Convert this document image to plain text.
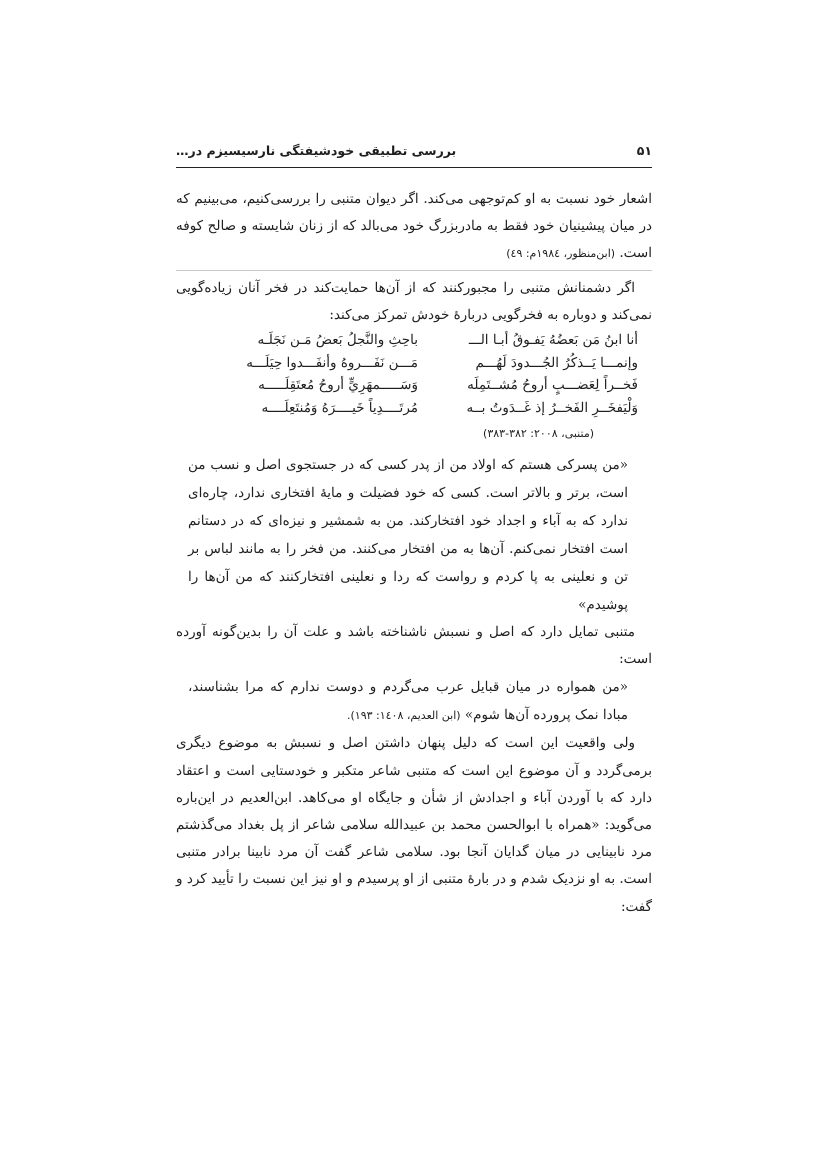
۵۱
بررسی تطبیقی خودشیفتگی نارسیسیزم در…

اشعار خود نسبت به او کم‌توجهی می‌کند. اگر دیوان متنبی را بررسی‌کنیم، می‌بینیم که در میان پیشینیان خود فقط به مادربزرگ خود می‌بالد که از زنان شایسته و صالح کوفه است. (ابن‌منظور، ۱۹۸٤م: ٤٩)

اگر دشمنانش متنبی را مجبورکنند که از آن‌ها حمایت‌کند در فخر آنان زیاده‌گویی نمی‌کند و دوباره به فخرگویی دربارۀ خودش تمرکز می‌کند:

أنا ابنُ مَن بَعضُهُ يَفـوقُ أبـا الـــ
باحِثِ والنَّجلُ بَعضُ مَـن نَجَلَـه
وإنمـــا يَــذكُرُ الجُـــدودَ لَهُـــم
مَـــن نَفَـــروهُ وأنفَـــدوا حِيَلَـــه
فَخــراً لِعَضـــبٍ أروحُ مُشــتَمِلَه
وَسَـــــمهَرِيٍّ أروحُ مُعتَقِلَـــــه
وَلْيَفخَــرِ الفَخــرُ إذ غَــدَوتُ بــه
مُرتَــــدِياً خَيــــرَهُ وَمُنتَعِلَــــه
(متنبی، ۲۰۰۸: ۳۸۲-۳۸۳)

«من پسرکی هستم که اولاد من از پدر کسی که در جستجوی اصل و نسب من است، برتر و بالاتر است. کسی که خود فضیلت و مایۀ افتخاری ندارد، چاره‌ای ندارد که به آباء و اجداد خود افتخارکند. من به شمشیر و نیزه‌ای که در دستانم است افتخار نمی‌کنم. آن‌ها به من افتخار می‌کنند. من فخر را به مانند لباس بر تن و نعلینی به پا کردم و رواست که ردا و نعلینی افتخارکنند که من آن‌ها را پوشیدم»

متنبی تمایل دارد که اصل و نسبش ناشناخته باشد و علت آن را بدین‌گونه آورده است:

«من همواره در میان قبایل عرب می‌گردم و دوست ندارم که مرا بشناسند، مبادا نمک پرورده آن‌ها شوم» (ابن العدیم، ۱٤۰۸: ۱۹۳).

ولی واقعیت این است که دلیل پنهان داشتن اصل و نسبش به موضوع دیگری برمی‌گردد و آن موضوع این است که متنبی شاعر متکبر و خودستایی است و اعتقاد دارد که با آوردن آباء و اجدادش از شأن و جایگاه او می‌کاهد. ابن‌العدیم در این‌باره می‌گوید: «همراه با ابوالحسن محمد بن عبیدالله سلامی شاعر از پل بغداد می‌گذشتم مرد نابینایی در میان گدایان آنجا بود. سلامی شاعر گفت آن مرد نابینا برادر متنبی است. به او نزدیک شدم و در بارۀ متنبی از او پرسیدم و او نیز این نسبت را تأیید کرد و گفت:
